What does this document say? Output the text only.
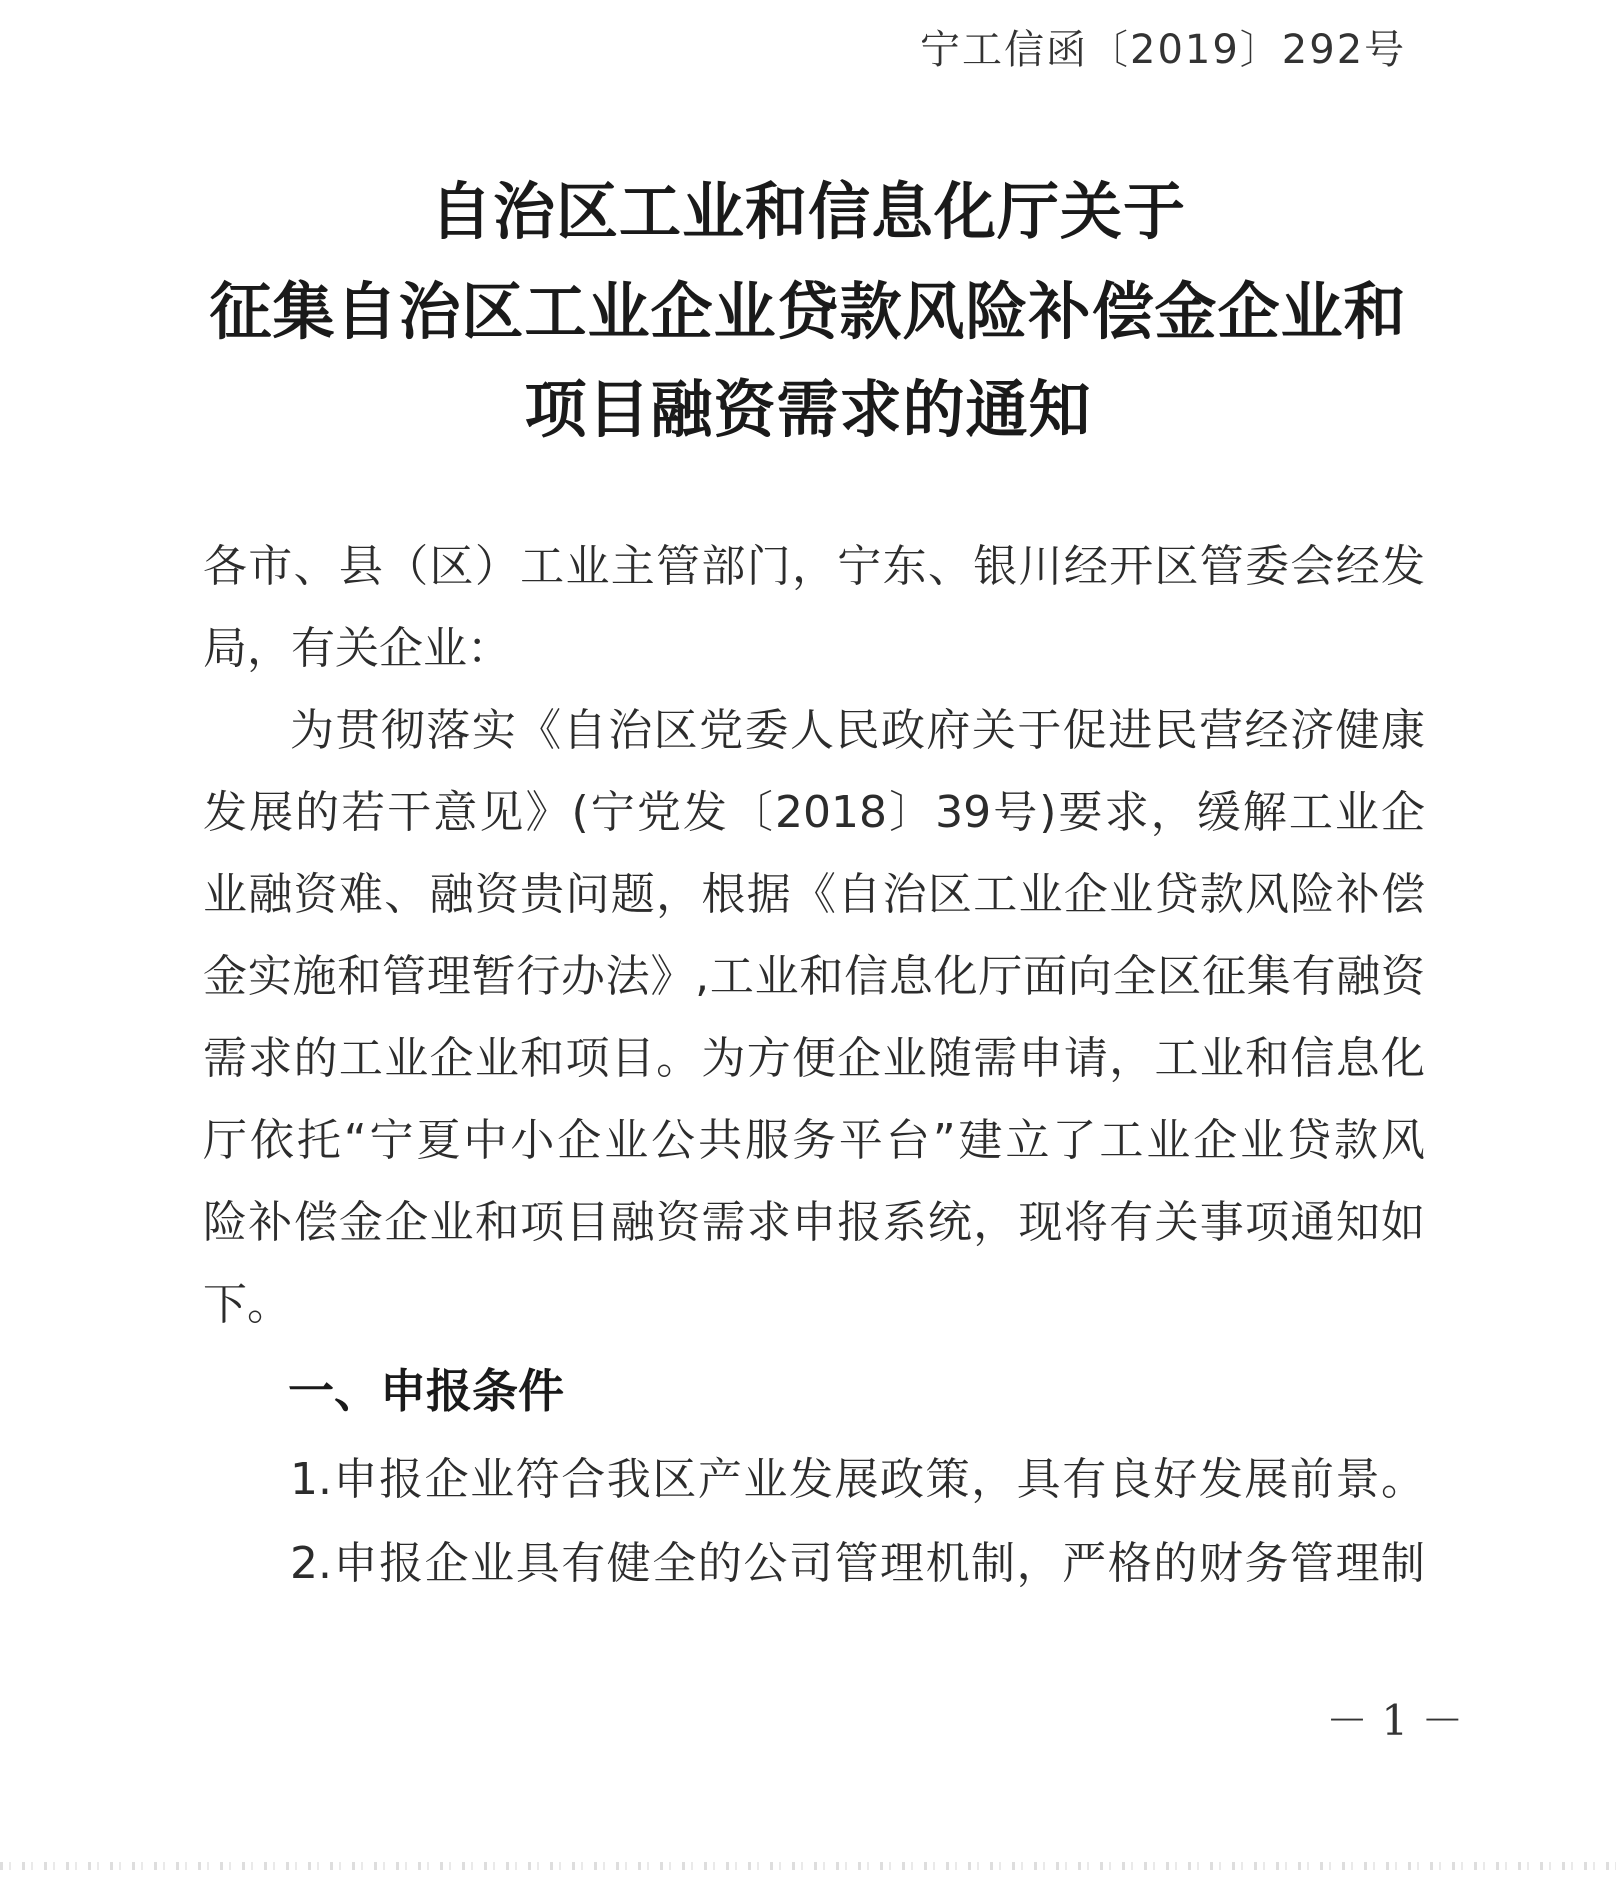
宁工信函〔2019〕292号
自治区工业和信息化厅关于
征集自治区工业企业贷款风险补偿金企业和
项目融资需求的通知
各市、县（区）工业主管部门，宁东、银川经开区管委会经发
局，有关企业：
为贯彻落实《自治区党委人民政府关于促进民营经济健康
发展的若干意见》(宁党发〔2018〕39号)要求，缓解工业企
业融资难、融资贵问题，根据《自治区工业企业贷款风险补偿
金实施和管理暂行办法》,工业和信息化厅面向全区征集有融资
需求的工业企业和项目。为方便企业随需申请，工业和信息化
厅依托“宁夏中小企业公共服务平台”建立了工业企业贷款风
险补偿金企业和项目融资需求申报系统，现将有关事项通知如
下。
一、申报条件
1.申报企业符合我区产业发展政策，具有良好发展前景。
2.申报企业具有健全的公司管理机制，严格的财务管理制
－ 1 －
